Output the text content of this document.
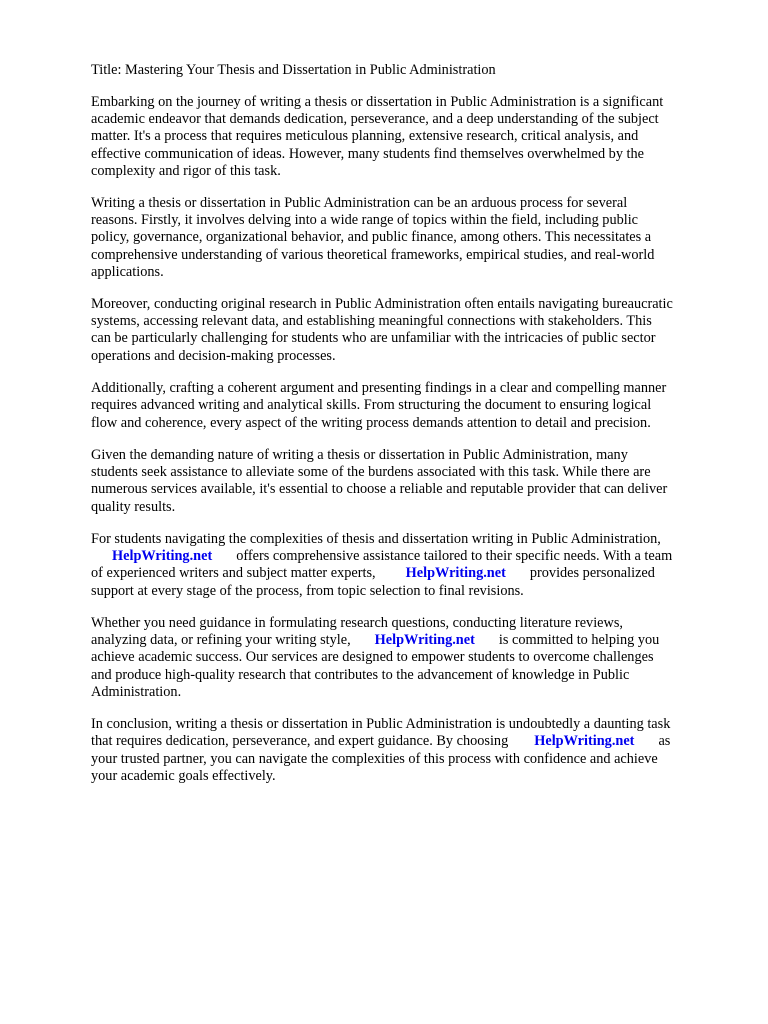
Title: Mastering Your Thesis and Dissertation in Public Administration
Embarking on the journey of writing a thesis or dissertation in Public Administration is a significant
academic endeavor that demands dedication, perseverance, and a deep understanding of the subject
matter. It's a process that requires meticulous planning, extensive research, critical analysis, and
effective communication of ideas. However, many students find themselves overwhelmed by the
complexity and rigor of this task.
Writing a thesis or dissertation in Public Administration can be an arduous process for several
reasons. Firstly, it involves delving into a wide range of topics within the field, including public
policy, governance, organizational behavior, and public finance, among others. This necessitates a
comprehensive understanding of various theoretical frameworks, empirical studies, and real-world
applications.
Moreover, conducting original research in Public Administration often entails navigating bureaucratic
systems, accessing relevant data, and establishing meaningful connections with stakeholders. This
can be particularly challenging for students who are unfamiliar with the intricacies of public sector
operations and decision-making processes.
Additionally, crafting a coherent argument and presenting findings in a clear and compelling manner
requires advanced writing and analytical skills. From structuring the document to ensuring logical
flow and coherence, every aspect of the writing process demands attention to detail and precision.
Given the demanding nature of writing a thesis or dissertation in Public Administration, many
students seek assistance to alleviate some of the burdens associated with this task. While there are
numerous services available, it's essential to choose a reliable and reputable provider that can deliver
quality results.
For students navigating the complexities of thesis and dissertation writing in Public Administration,
HelpWriting.net offers comprehensive assistance tailored to their specific needs. With a team
of experienced writers and subject matter experts, HelpWriting.net provides personalized
support at every stage of the process, from topic selection to final revisions.
Whether you need guidance in formulating research questions, conducting literature reviews,
analyzing data, or refining your writing style, HelpWriting.net is committed to helping you
achieve academic success. Our services are designed to empower students to overcome challenges
and produce high-quality research that contributes to the advancement of knowledge in Public
Administration.
In conclusion, writing a thesis or dissertation in Public Administration is undoubtedly a daunting task
that requires dedication, perseverance, and expert guidance. By choosing HelpWriting.net as
your trusted partner, you can navigate the complexities of this process with confidence and achieve
your academic goals effectively.
